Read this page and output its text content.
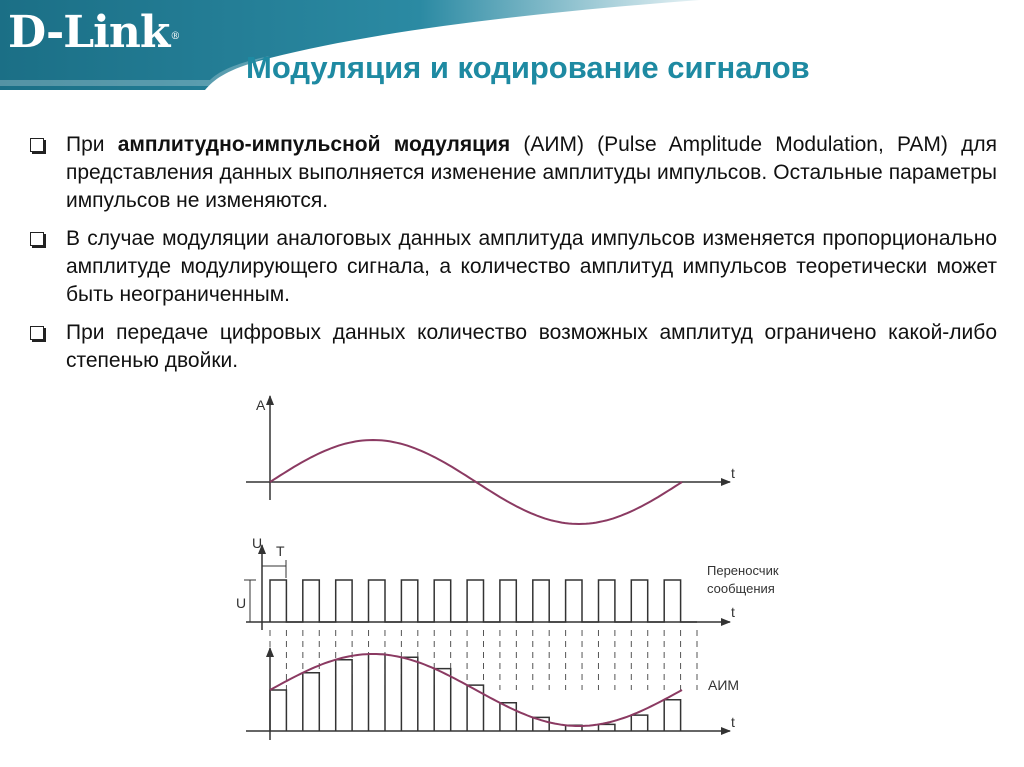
D-Link®
Модуляция и кодирование сигналов
При амплитудно-импульсной модуляция (АИМ) (Pulse Amplitude Modulation, PAM) для представления данных выполняется изменение амплитуды импульсов. Остальные параметры импульсов не изменяются.
В случае модуляции аналоговых данных амплитуда импульсов изменяется пропорционально амплитуде модулирующего сигнала, а количество амплитуд импульсов теоретически может быть неограниченным.
При передаче цифровых данных количество возможных амплитуд ограничено какой-либо степенью двойки.
A
t
U T
U
Переносчик
сообщения
t
АИМ
t
